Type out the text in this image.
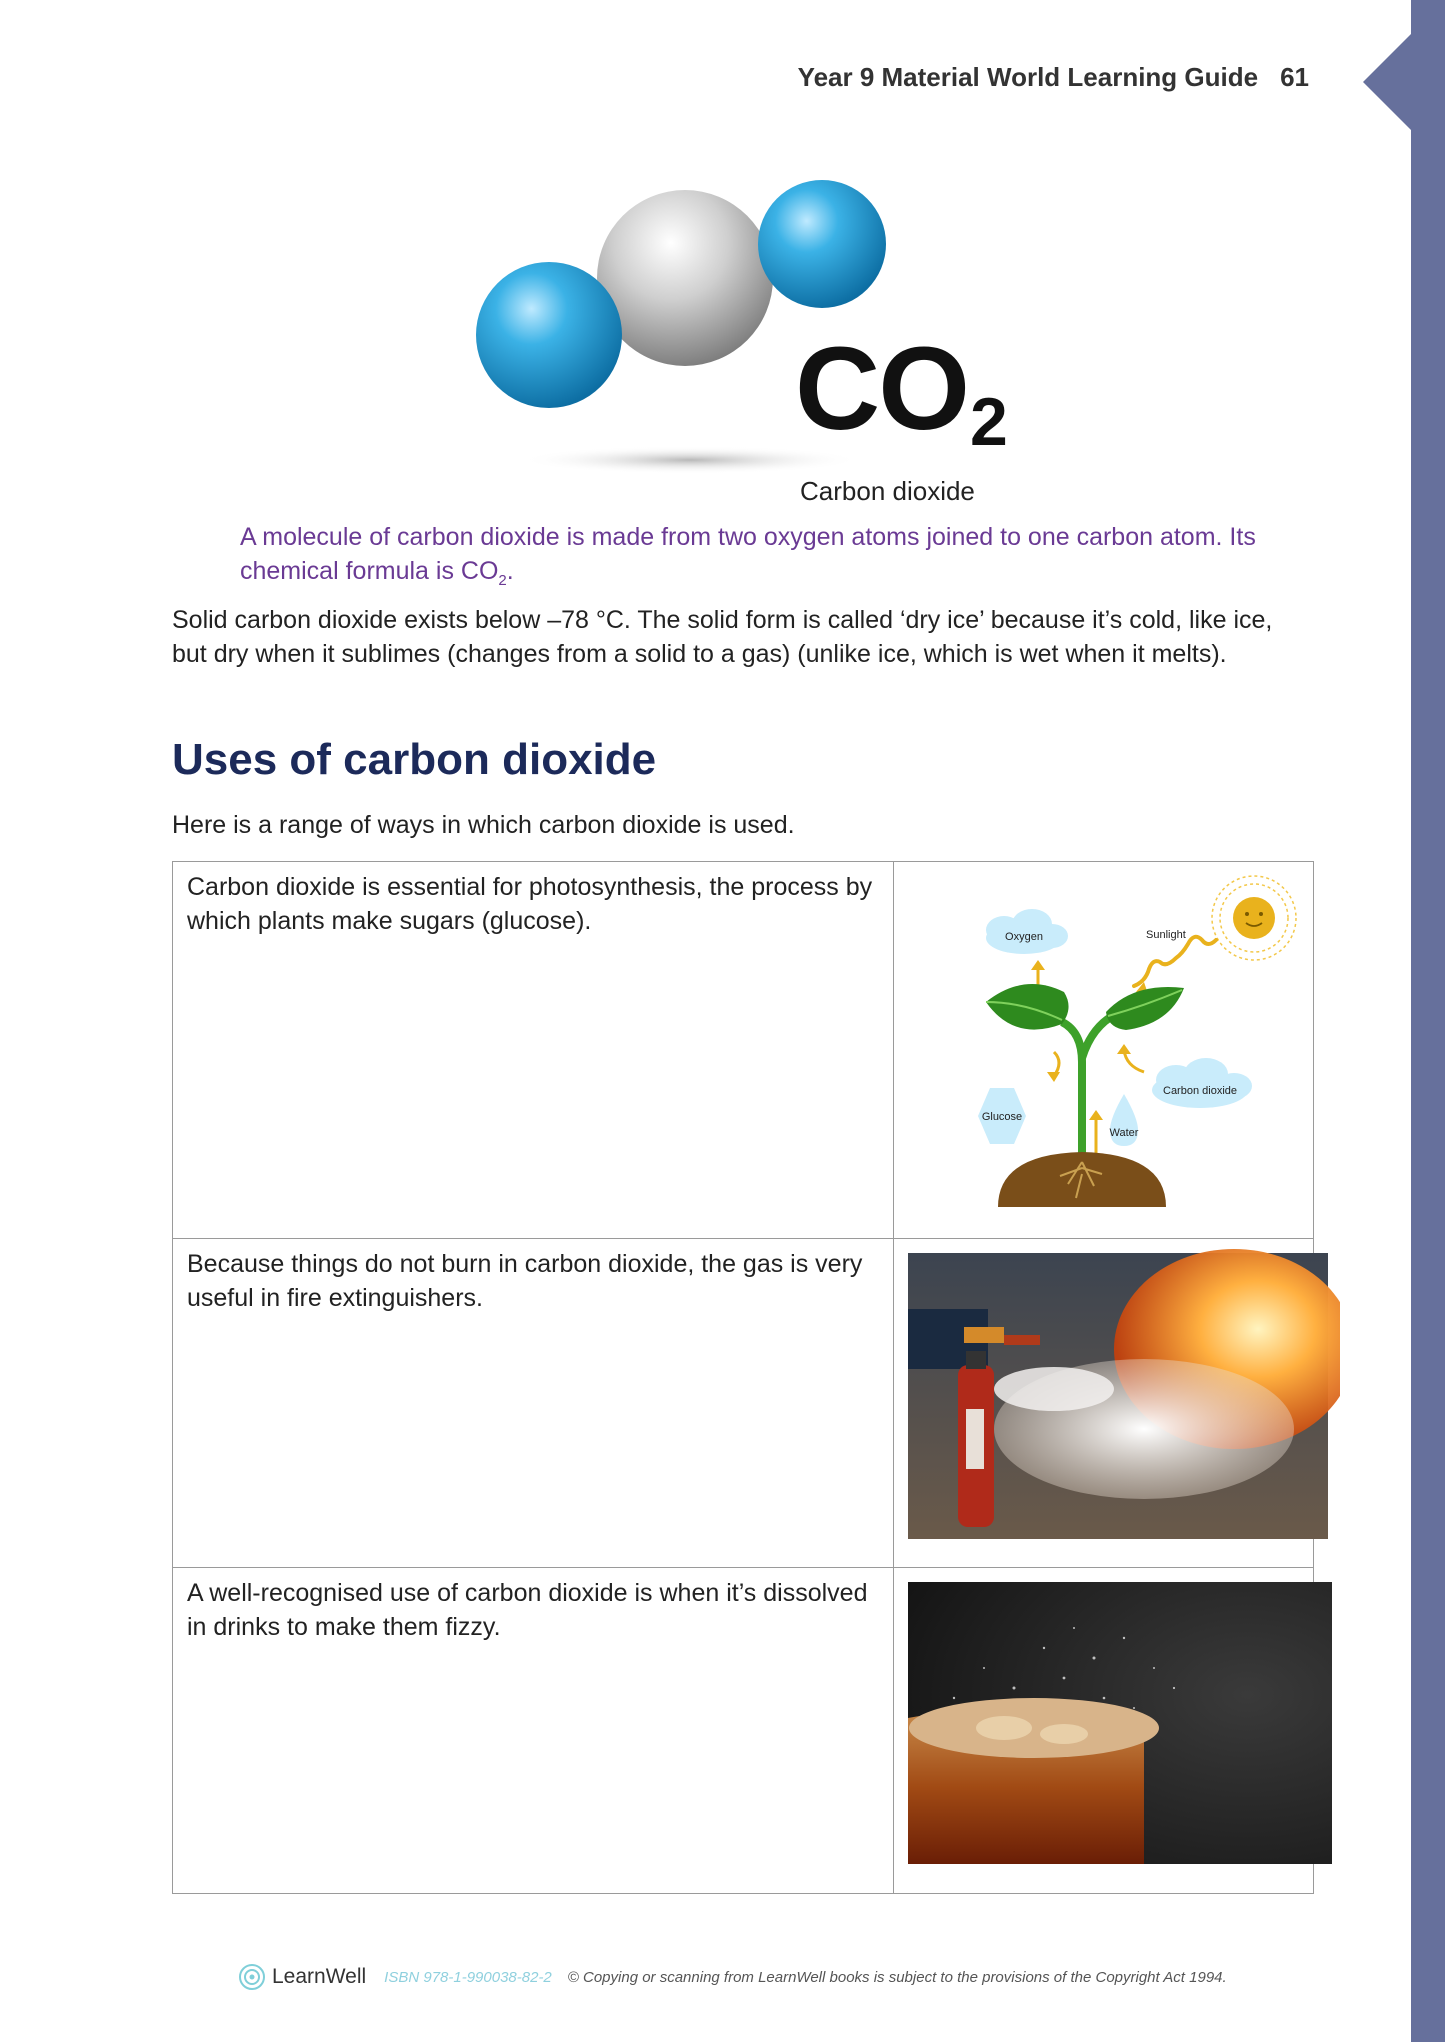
Year 9 Material World Learning Guide 61
$CO_2$
Carbon dioxide
A molecule of carbon dioxide is made from two oxygen atoms joined to one carbon atom. Its chemical formula is $CO_2$.
Solid carbon dioxide exists below –78 °C. The solid form is called ‘dry ice’ because it’s cold, like ice, but dry when it sublimes (changes from a solid to a gas) (unlike ice, which is wet when it melts).
Uses of carbon dioxide
Here is a range of ways in which carbon dioxide is used.
Carbon dioxide is essential for photosynthesis, the process by which plants make sugars (glucose).	Sunlight
Oxygen
Carbon dioxide
Glucose
Water

Because things do not burn in carbon dioxide, the gas is very useful in fire extinguishers.	

A well-recognised use of carbon dioxide is when it’s dissolved in drinks to make them fizzy.	
LearnWell ISBN 978-1-990038-82-2 © Copying or scanning from LearnWell books is subject to the provisions of the Copyright Act 1994.
